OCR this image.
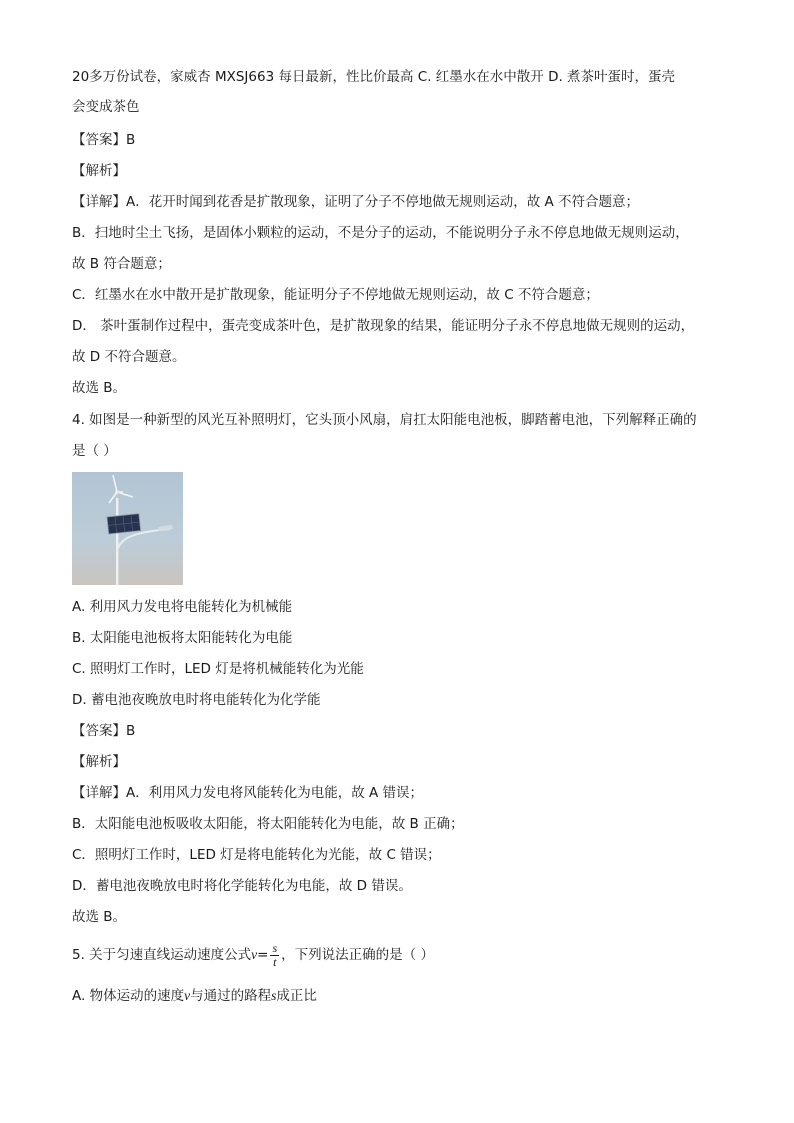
20多万份试卷，家威杏 MXSJ663 每日最新，性比价最高 C. 红墨水在水中散开 D. 煮茶叶蛋时，蛋壳
会变成茶色
【答案】B
【解析】
【详解】A．花开时闻到花香是扩散现象，证明了分子不停地做无规则运动，故 A 不符合题意；
B．扫地时尘土飞扬，是固体小颗粒的运动，不是分子的运动，不能说明分子永不停息地做无规则运动，
故 B 符合题意；
C．红墨水在水中散开是扩散现象，能证明分子不停地做无规则运动，故 C 不符合题意；
D． 茶叶蛋制作过程中，蛋壳变成茶叶色，是扩散现象的结果，能证明分子永不停息地做无规则的运动，
故 D 不符合题意。
故选 B。
4. 如图是一种新型的风光互补照明灯，它头顶小风扇，肩扛太阳能电池板，脚踏蓄电池，下列解释正确的
是（ ）
A. 利用风力发电将电能转化为机械能
B. 太阳能电池板将太阳能转化为电能
C. 照明灯工作时，LED 灯是将机械能转化为光能
D. 蓄电池夜晚放电时将电能转化为化学能
【答案】B
【解析】
【详解】A．利用风力发电将风能转化为电能，故 A 错误；
B．太阳能电池板吸收太阳能，将太阳能转化为电能，故 B 正确；
C．照明灯工作时，LED 灯是将电能转化为光能，故 C 错误；
D．蓄电池夜晚放电时将化学能转化为电能，故 D 错误。
故选 B。
5. 关于匀速直线运动速度公式$v= \frac{s}{t}$ ，下列说法正确的是（ ）
A. 物体运动的速度v与通过的路程s成正比
